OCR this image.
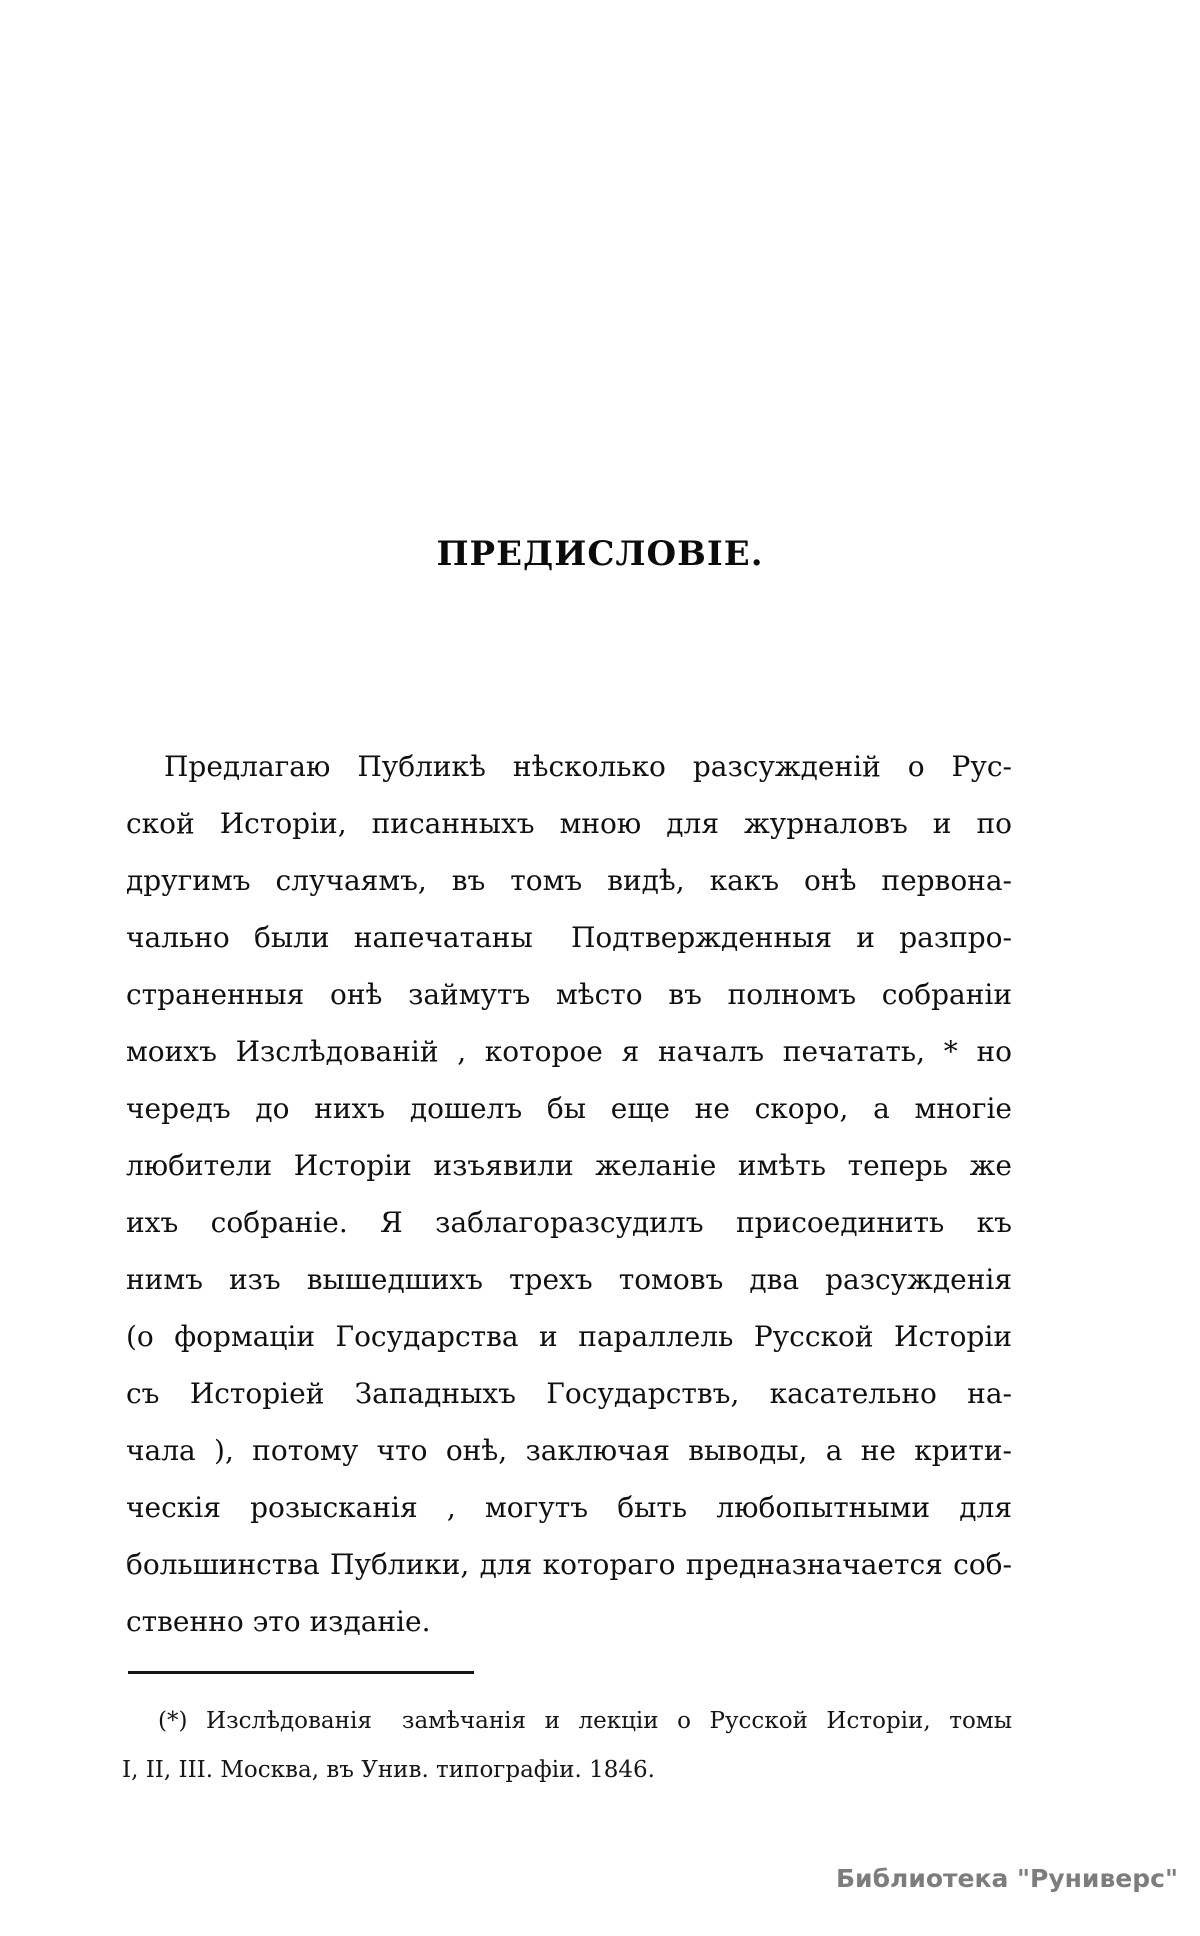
ПРЕДИСЛОВІЕ.
Предлагаю Публикѣ нѣсколько разсужденій о Рус-
ской Исторіи, писанныхъ мною для журналовъ и по
другимъ случаямъ, въ томъ видѣ, какъ онѣ первона-
чально были напечатаны  Подтвержденныя и разпро-
страненныя онѣ займутъ мѣсто въ полномъ собраніи
моихъ Изслѣдованій , которое я началъ печатать, * но
чередъ до нихъ дошелъ бы еще не скоро, а многіе
любители Исторіи изъявили желаніе имѣть теперь же
ихъ собраніе. Я заблагоразсудилъ присоединить къ
нимъ изъ вышедшихъ трехъ томовъ два разсужденія
(о формаціи Государства и параллель Русской Исторіи
съ Исторіей Западныхъ Государствъ, касательно на-
чала ), потому что онѣ, заключая выводы, а не крити-
ческія розысканія , могутъ быть любопытными для
большинства Публики, для котораго предназначается соб-
ственно это изданіе.
(*) Изслѣдованія  замѣчанія и лекціи о Русской Исторіи, томы
I, II, III. Москва, въ Унив. типографіи. 1846.
Библиотека "Руниверс"
